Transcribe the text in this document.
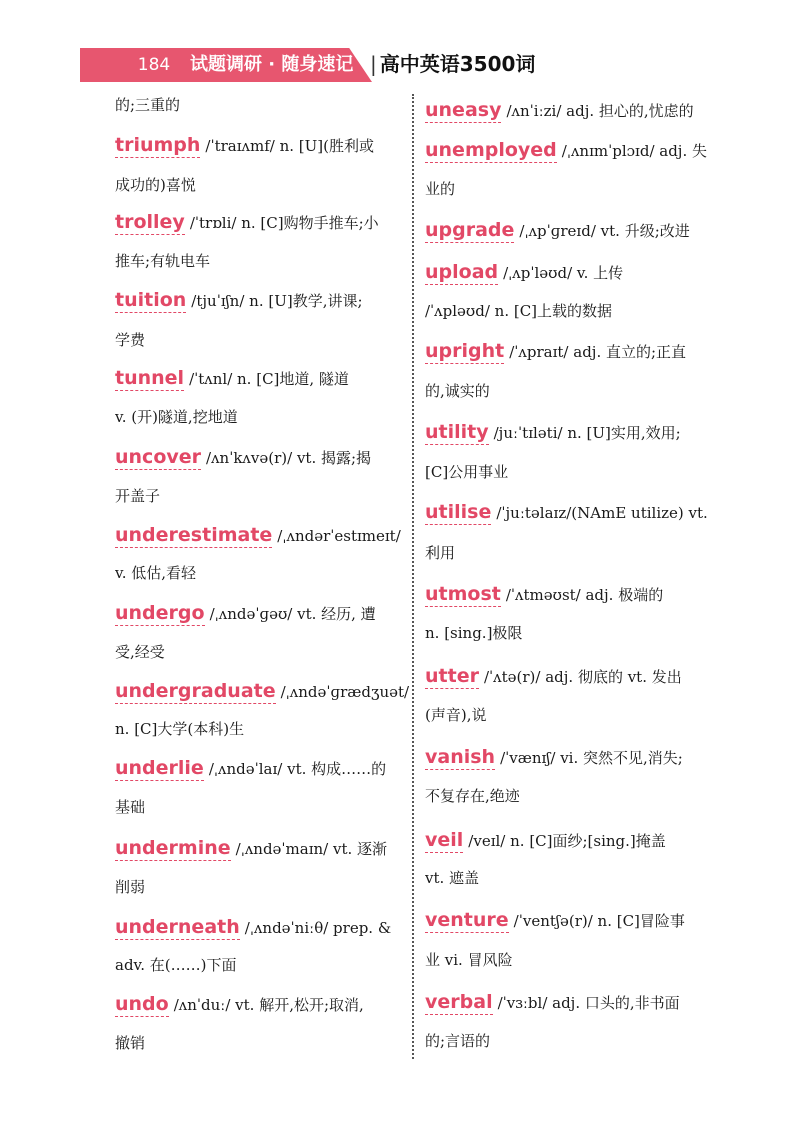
184	试题调研 · 随身速记 | 高中英语3500词
的;三重的
triumph /ˈtraɪʌmf/ n. [U](胜利或
成功的)喜悦
trolley /ˈtrɒli/ n. [C]购物手推车;小
推车;有轨电车
tuition /tjuˈɪʃn/ n. [U]教学,讲课;
学费
tunnel /ˈtʌnl/ n. [C]地道, 隧道
v. (开)隧道,挖地道
uncover /ʌnˈkʌvə(r)/ vt. 揭露;揭
开盖子
underestimate /ˌʌndərˈestɪmeɪt/
v. 低估,看轻
undergo /ˌʌndəˈɡəʊ/ vt. 经历, 遭
受,经受
undergraduate /ˌʌndəˈɡrædʒuət/
n. [C]大学(本科)生
underlie /ˌʌndəˈlaɪ/ vt. 构成……的
基础
undermine /ˌʌndəˈmaɪn/ vt. 逐渐
削弱
underneath /ˌʌndəˈniːθ/ prep. &
adv. 在(……)下面
undo /ʌnˈduː/ vt. 解开,松开;取消,
撤销
uneasy /ʌnˈiːzi/ adj. 担心的,忧虑的
unemployed /ˌʌnɪmˈplɔɪd/ adj. 失
业的
upgrade /ˌʌpˈɡreɪd/ vt. 升级;改进
upload /ˌʌpˈləʊd/ v. 上传
/ˈʌpləʊd/ n. [C]上载的数据
upright /ˈʌpraɪt/ adj. 直立的;正直
的,诚实的
utility /juːˈtɪləti/ n. [U]实用,效用;
[C]公用事业
utilise /ˈjuːtəlaɪz/(NAmE utilize) vt.
利用
utmost /ˈʌtməʊst/ adj. 极端的
n. [sing.]极限
utter /ˈʌtə(r)/ adj. 彻底的 vt. 发出
(声音),说
vanish /ˈvænɪʃ/ vi. 突然不见,消失;
不复存在,绝迹
veil /veɪl/ n. [C]面纱;[sing.]掩盖
vt. 遮盖
venture /ˈventʃə(r)/ n. [C]冒险事
业 vi. 冒风险
verbal /ˈvɜːbl/ adj. 口头的,非书面
的;言语的
